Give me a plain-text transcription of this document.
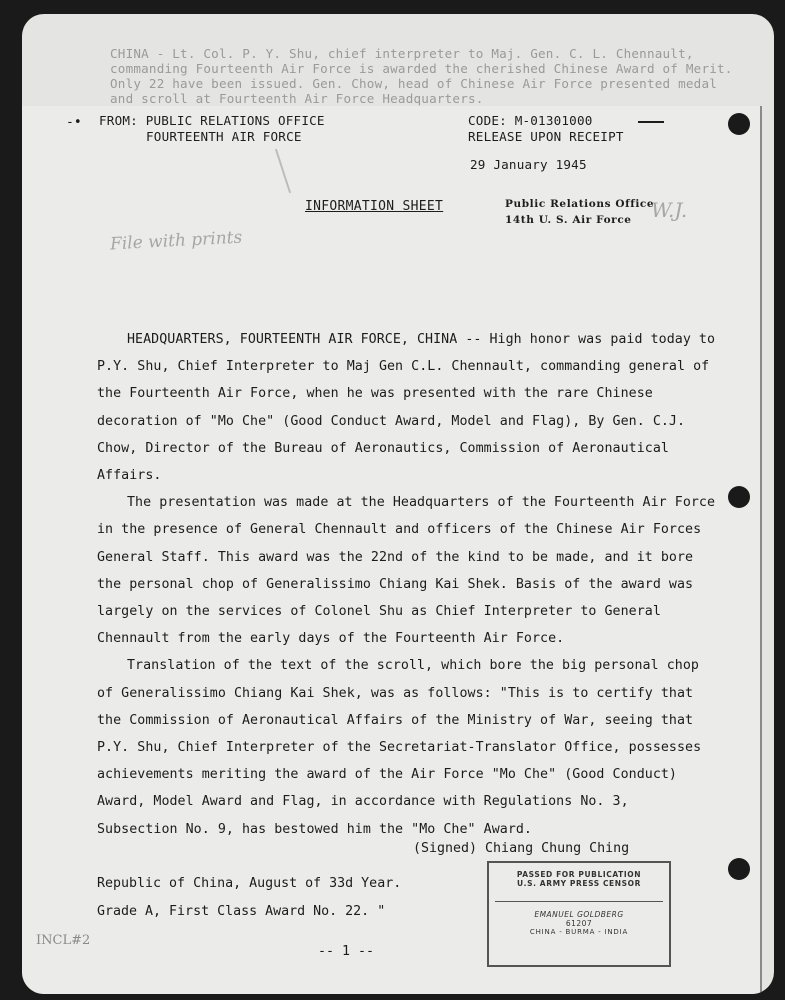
CHINA - Lt. Col. P. Y. Shu, chief interpreter to Maj. Gen. C. L. Chennault,
commanding Fourteenth Air Force is awarded the cherished Chinese Award of Merit.
Only 22 have been issued. Gen. Chow, head of Chinese Air Force presented medal
and scroll at Fourteenth Air Force Headquarters.
-• FROM: PUBLIC RELATIONS OFFICE
FOURTEENTH AIR FORCE
CODE: M-01301000
RELEASE UPON RECEIPT
29 January 1945
INFORMATION SHEET	Public Relations Office
14th U. S. Air Force W.J.
File with prints
INCL#2

HEADQUARTERS, FOURTEENTH AIR FORCE, CHINA -- High honor was paid today to P.Y. Shu, Chief Interpreter to Maj Gen C.L. Chennault, commanding general of the Fourteenth Air Force, when he was presented with the rare Chinese decoration of "Mo Che" (Good Conduct Award, Model and Flag), By Gen. C.J. Chow, Director of the Bureau of Aeronautics, Commission of Aeronautical Affairs.

The presentation was made at the Headquarters of the Fourteenth Air Force in the presence of General Chennault and officers of the Chinese Air Forces General Staff. This award was the 22nd of the kind to be made, and it bore the personal chop of Generalissimo Chiang Kai Shek. Basis of the award was largely on the services of Colonel Shu as Chief Interpreter to General Chennault from the early days of the Fourteenth Air Force.

Translation of the text of the scroll, which bore the big personal chop of Generalissimo Chiang Kai Shek, was as follows: "This is to certify that the Commission of Aeronautical Affairs of the Ministry of War, seeing that P.Y. Shu, Chief Interpreter of the Secretariat-Translator Office, possesses achievements meriting the award of the Air Force "Mo Che" (Good Conduct) Award, Model Award and Flag, in accordance with Regulations No. 3, Subsection No. 9, has bestowed him the "Mo Che" Award.

(Signed) Chiang Chung Ching
Republic of China, August of 33d Year.
Grade A, First Class Award No. 22. "
PASSED FOR PUBLICATION
U.S. ARMY PRESS CENSOR
EMANUEL GOLDBERG
61207
CHINA - BURMA - INDIA
-- 1 --
